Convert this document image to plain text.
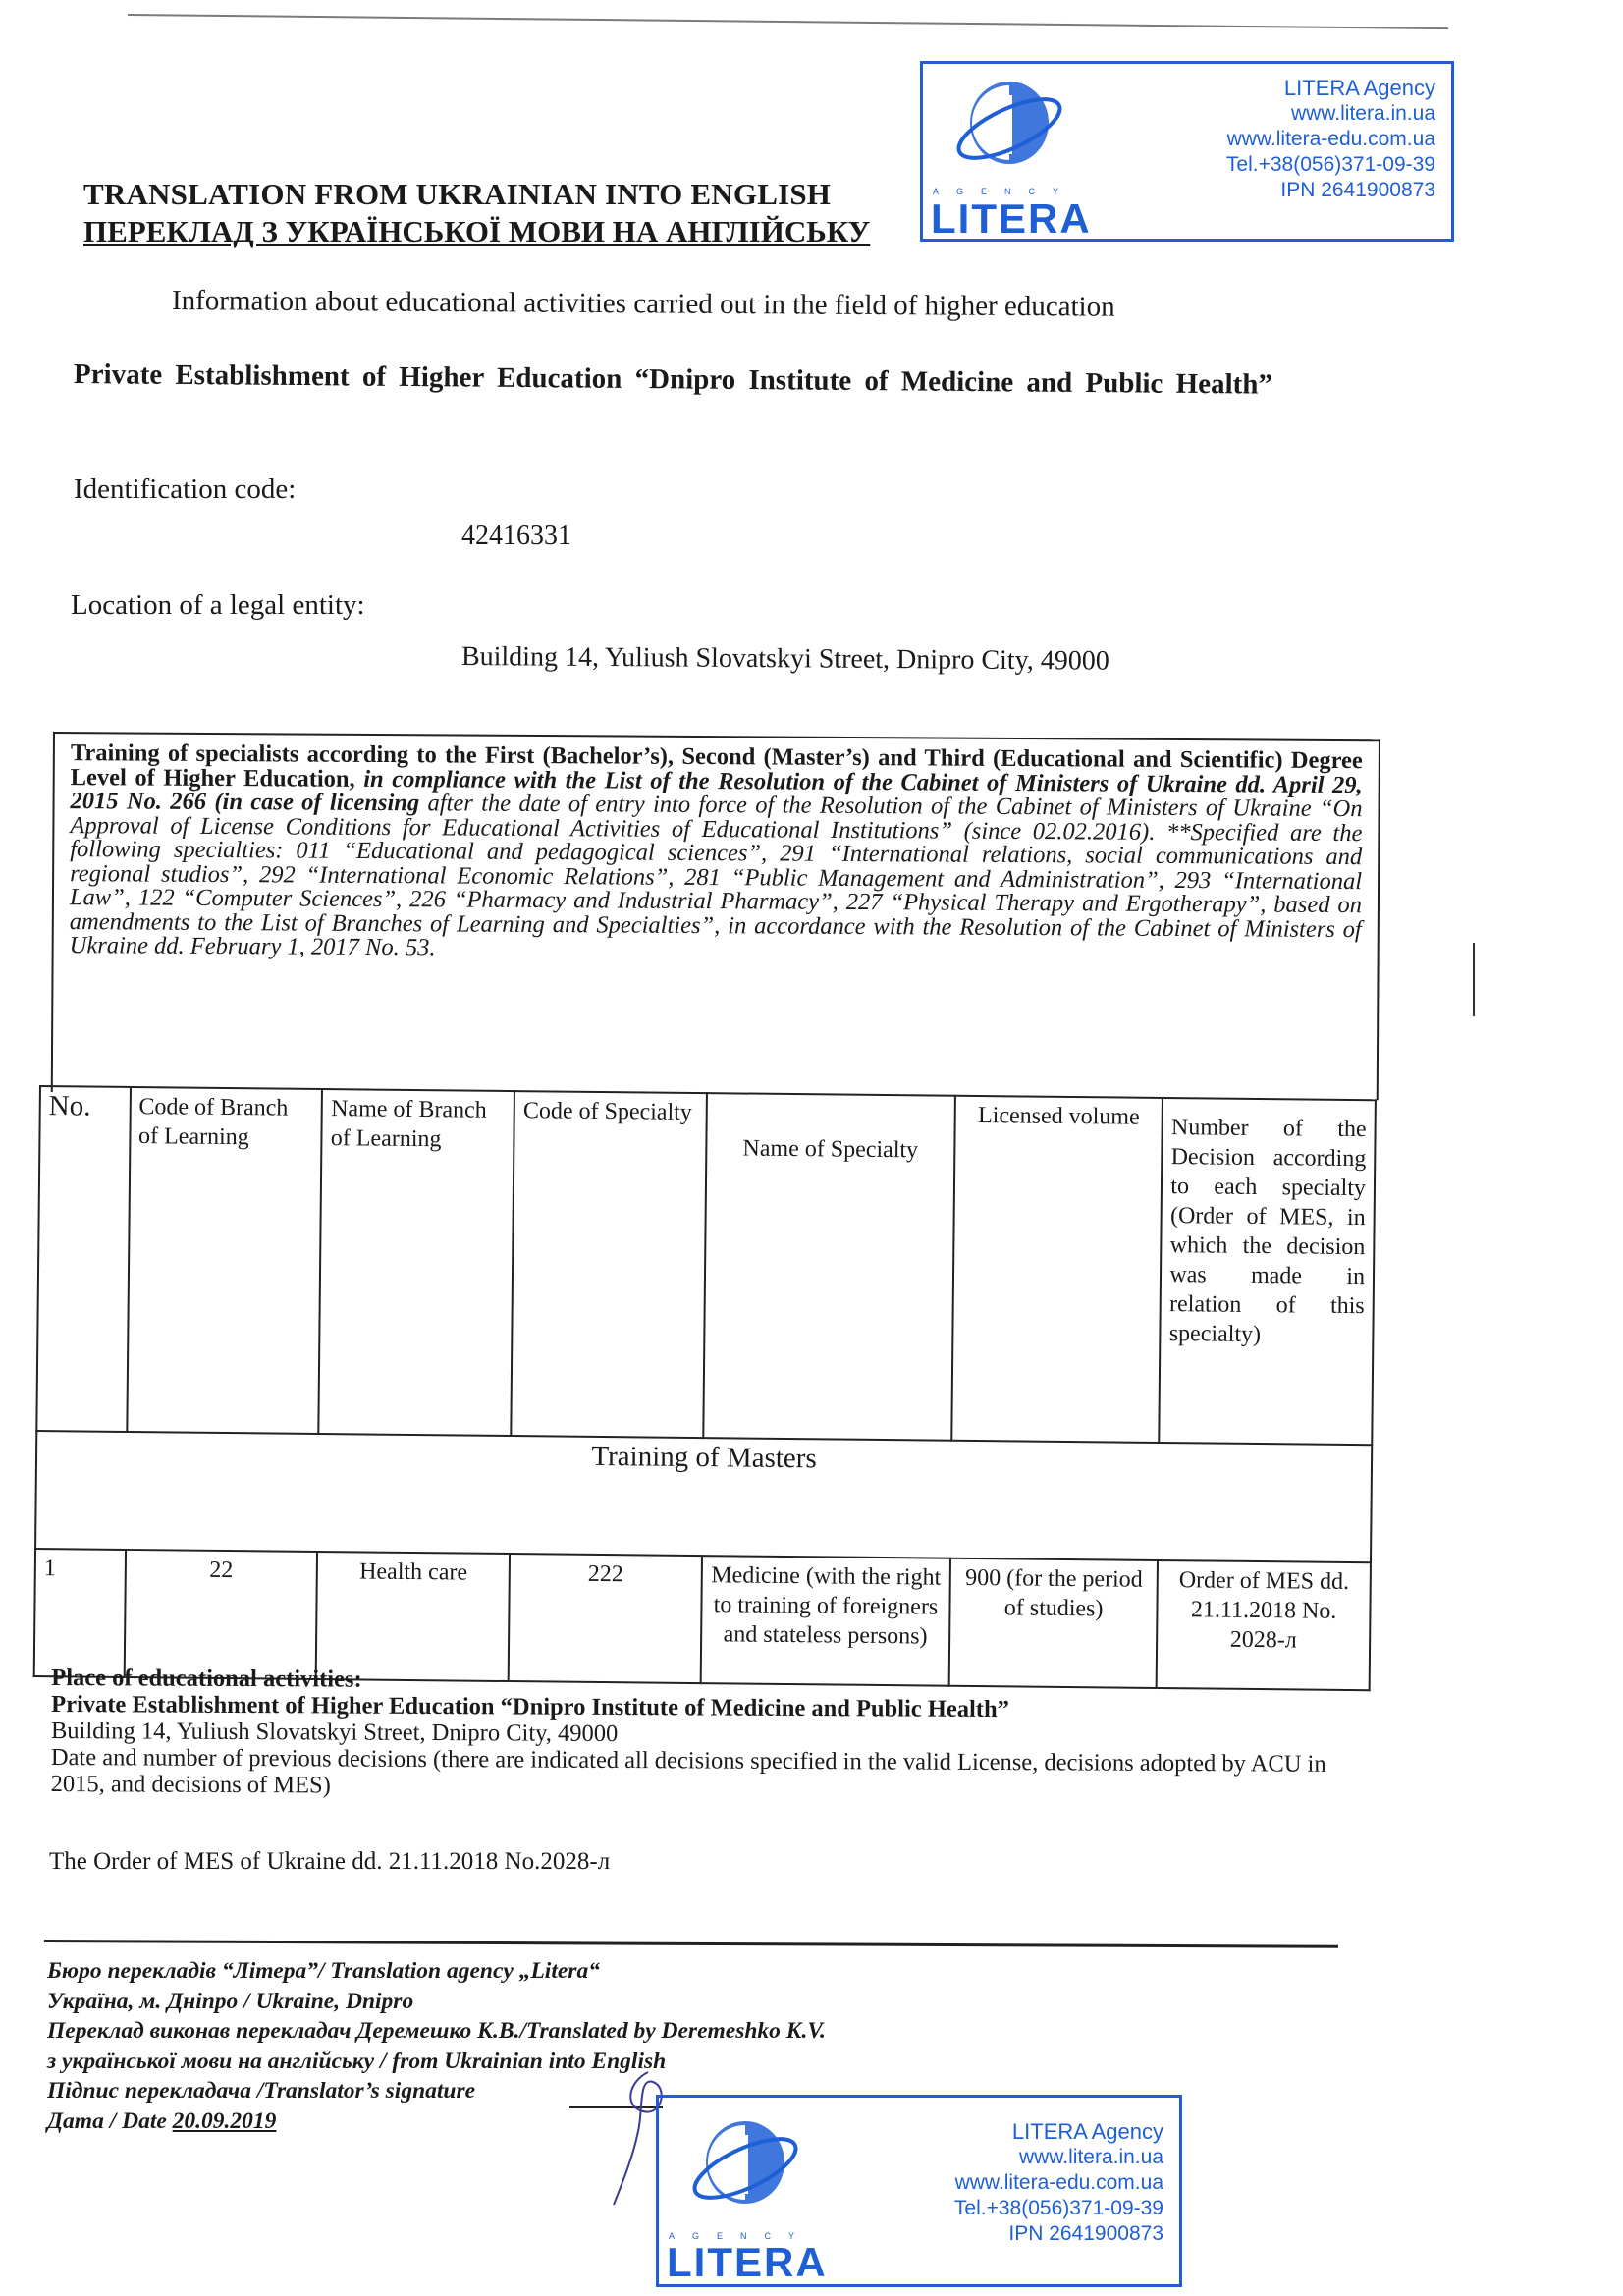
AGENCY
LITERA
LITERA Agency
www.litera.in.ua
www.litera-edu.com.ua
Tel.+38(056)371-09-39
IPN 2641900873
TRANSLATION FROM UKRAINIAN INTO ENGLISH
ПЕРЕКЛАД З УКРАЇНСЬКОЇ МОВИ НА АНГЛІЙСЬКУ
Information about educational activities carried out in the field of higher education
Private Establishment of Higher Education “Dnipro Institute of Medicine and Public Health”
Identification code:
42416331
Location of a legal entity:
Building 14, Yuliush Slovatskyi Street, Dnipro City, 49000

Training of specialists according to the First (Bachelor’s), Second (Master’s) and Third (Educational and Scientific) Degree Level of Higher Education, in compliance with the List of the Resolution of the Cabinet of Ministers of Ukraine dd. April 29, 2015 No. 266 (in case of licensing after the date of entry into force of the Resolution of the Cabinet of Ministers of Ukraine “On Approval of License Conditions for Educational Activities of Educational Institutions” (since 02.02.2016). **Specified are the following specialties: 011 “Educational and pedagogical sciences”, 291 “International relations, social communications and regional studios”, 292 “International Economic Relations”, 281 “Public Management and Administration”, 293 “International Law”, 122 “Computer Sciences”, 226 “Pharmacy and Industrial Pharmacy”, 227 “Physical Therapy and Ergotherapy”, based on amendments to the List of Branches of Learning and Specialties”, in accordance with the Resolution of the Cabinet of Ministers of Ukraine dd. February 1, 2017 No. 53.

No.	Code of Branch of Learning	Name of Branch of Learning	Code of Specialty	Name of Specialty	Licensed volume	Number of the Decision according to each specialty (Order of MES, in which the decision was made in relation of this specialty)
Training of Masters						
1	22	Health care	222	Medicine (with the right to training of foreigners and stateless persons)	900 (for the period of studies)	Order of MES dd. 21.11.2018 No. 2028-л
Place of educational activities:
Private Establishment of Higher Education “Dnipro Institute of Medicine and Public Health”
Building 14, Yuliush Slovatskyi Street, Dnipro City, 49000
Date and number of previous decisions (there are indicated all decisions specified in the valid License, decisions adopted by ACU in 2015, and decisions of MES)
The Order of MES of Ukraine dd. 21.11.2018 No.2028-л
Бюро перекладів “Літера”/ Translation agency „Litera“
Україна, м. Дніпро / Ukraine, Dnipro
Переклад виконав перекладач Деремешко К.В./Translated by Deremeshko K.V.
з української мови на англійську / from Ukrainian into English
Підпис перекладача /Translator’s signature
Дата / Date 20.09.2019
AGENCY
LITERA
LITERA Agency
www.litera.in.ua
www.litera-edu.com.ua
Tel.+38(056)371-09-39
IPN 2641900873
